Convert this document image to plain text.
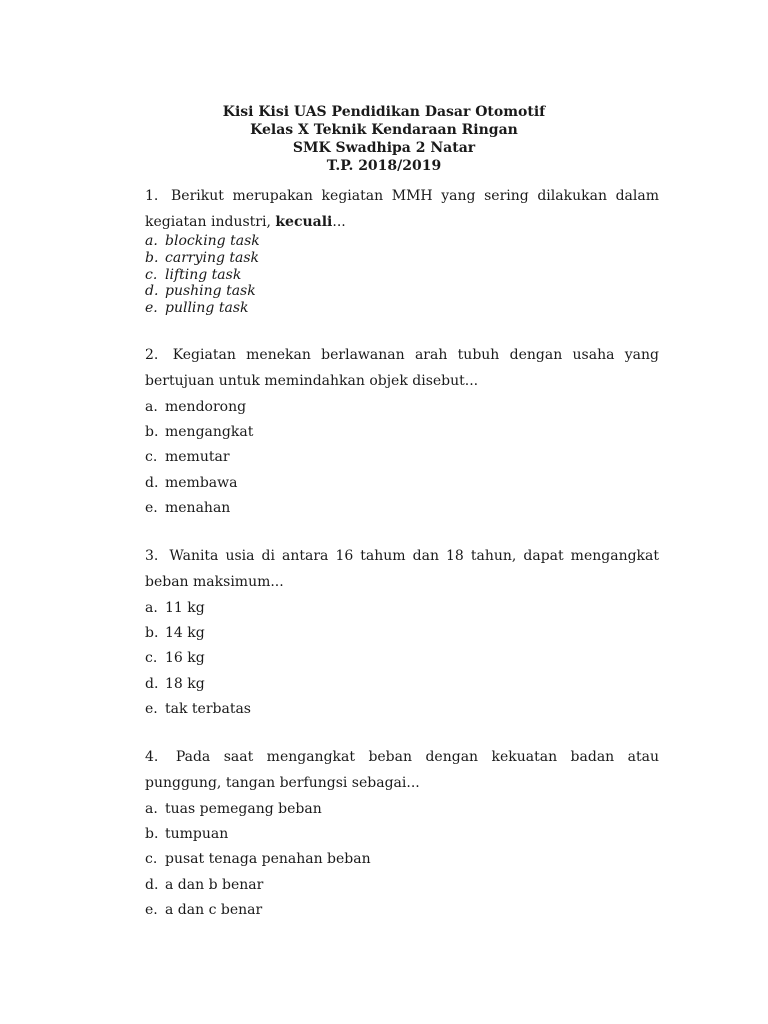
Kisi Kisi UAS Pendidikan Dasar Otomotif
Kelas X Teknik Kendaraan Ringan
SMK Swadhipa 2 Natar
T.P. 2018/2019

1. Berikut merupakan kegiatan MMH yang sering dilakukan dalam kegiatan industri, kecuali...

a. blocking task
b. carrying task
c. lifting task
d. pushing task
e. pulling task

2. Kegiatan menekan berlawanan arah tubuh dengan usaha yang bertujuan untuk memindahkan objek disebut...

a. mendorong
b. mengangkat
c. memutar
d. membawa
e. menahan

3. Wanita usia di antara 16 tahum dan 18 tahun, dapat mengangkat beban maksimum...

a. 11 kg
b. 14 kg
c. 16 kg
d. 18 kg
e. tak terbatas

4. Pada saat mengangkat beban dengan kekuatan badan atau punggung, tangan berfungsi sebagai...

a. tuas pemegang beban
b. tumpuan
c. pusat tenaga penahan beban
d. a dan b benar
e. a dan c benar
